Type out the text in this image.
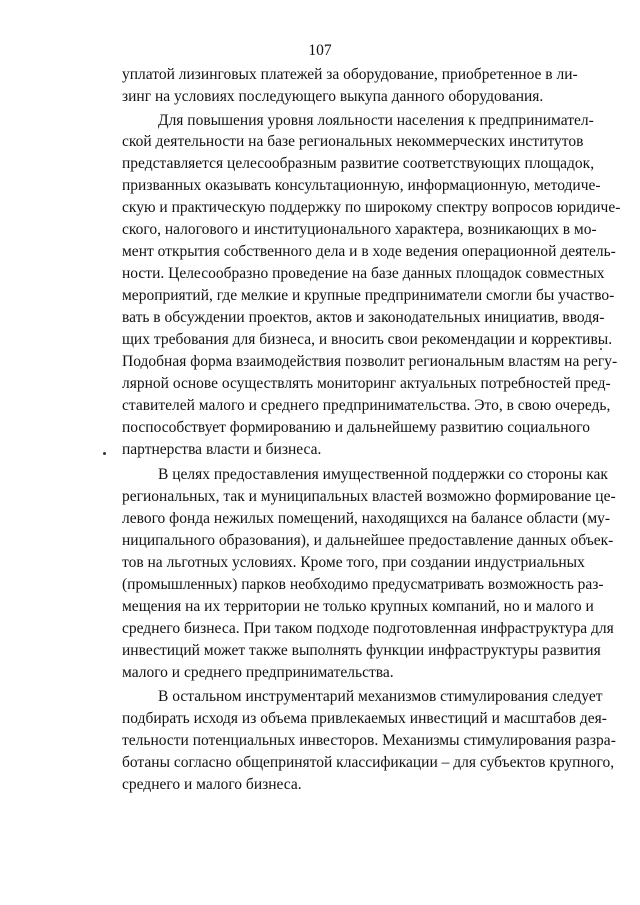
107
уплатой лизинговых платежей за оборудование, приобретенное в ли-
зинг на условиях последующего выкупа данного оборудования.
Для повышения уровня лояльности населения к предпринимател-
ской деятельности на базе региональных некоммерческих институтов
представляется целесообразным развитие соответствующих площадок,
призванных оказывать консультационную, информационную, методиче-
скую и практическую поддержку по широкому спектру вопросов юридиче-
ского, налогового и институционального характера, возникающих в мо-
мент открытия собственного дела и в ходе ведения операционной деятель-
ности. Целесообразно проведение на базе данных площадок совместных
мероприятий, где мелкие и крупные предприниматели смогли бы участво-
вать в обсуждении проектов, актов и законодательных инициатив, вводя-
щих требования для бизнеса, и вносить свои рекомендации и коррективы.
Подобная форма взаимодействия позволит региональным властям на регу-
лярной основе осуществлять мониторинг актуальных потребностей пред-
ставителей малого и среднего предпринимательства. Это, в свою очередь,
поспособствует формированию и дальнейшему развитию социального
партнерства власти и бизнеса.
В целях предоставления имущественной поддержки со стороны как
региональных, так и муниципальных властей возможно формирование це-
левого фонда нежилых помещений, находящихся на балансе области (му-
ниципального образования), и дальнейшее предоставление данных объек-
тов на льготных условиях. Кроме того, при создании индустриальных
(промышленных) парков необходимо предусматривать возможность раз-
мещения на их территории не только крупных компаний, но и малого и
среднего бизнеса. При таком подходе подготовленная инфраструктура для
инвестиций может также выполнять функции инфраструктуры развития
малого и среднего предпринимательства.
В остальном инструментарий механизмов стимулирования следует
подбирать исходя из объема привлекаемых инвестиций и масштабов дея-
тельности потенциальных инвесторов. Механизмы стимулирования разра-
ботаны согласно общепринятой классификации – для субъектов крупного,
среднего и малого бизнеса.
